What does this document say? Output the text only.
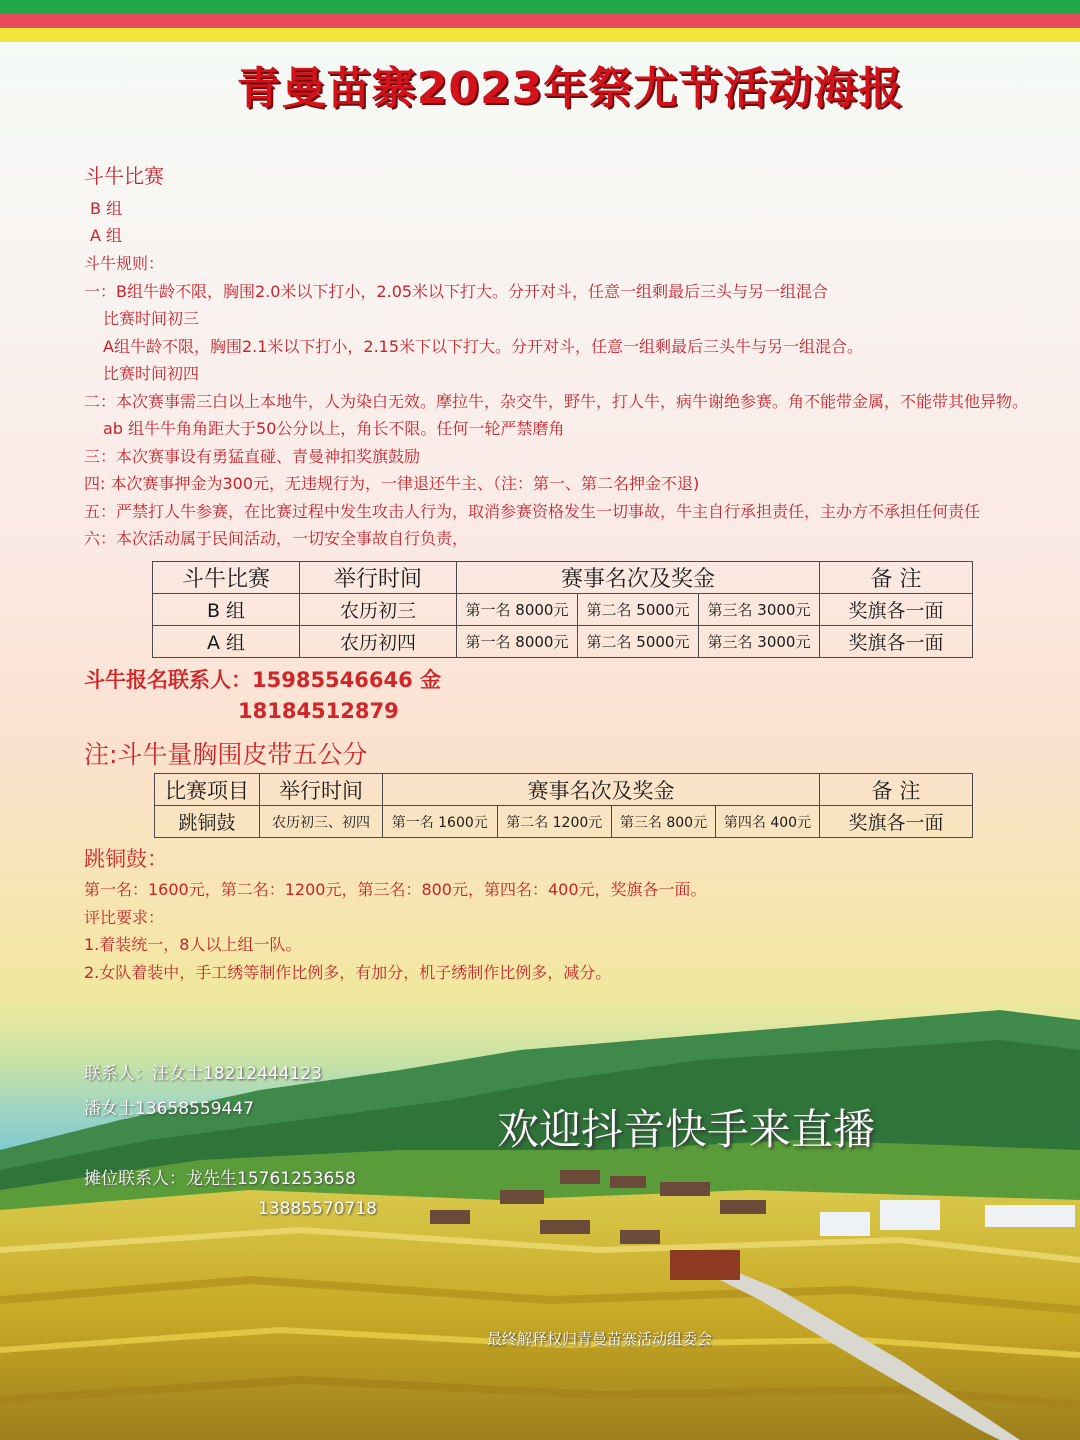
青曼苗寨2023年祭尤节活动海报
斗牛比赛
B 组
A 组
斗牛规则：
一：B组牛龄不限，胸围2.0米以下打小，2.05米以下打大。分开对斗，任意一组剩最后三头与另一组混合
比赛时间初三
A组牛龄不限，胸围2.1米以下打小，2.15米下以下打大。分开对斗，任意一组剩最后三头牛与另一组混合。
比赛时间初四
二：本次赛事需三白以上本地牛，人为染白无效。摩拉牛，杂交牛，野牛，打人牛，病牛谢绝参赛。角不能带金属，不能带其他异物。
ab 组牛牛角角距大于50公分以上，角长不限。任何一轮严禁磨角
三：本次赛事设有勇猛直碰、青曼神扣奖旗鼓励
四: 本次赛事押金为300元，无违规行为，一律退还牛主、（注：第一、第二名押金不退)
五：严禁打人牛参赛，在比赛过程中发生攻击人行为，取消参赛资格发生一切事故，牛主自行承担责任，主办方不承担任何责任
六：本次活动属于民间活动，一切安全事故自行负责，
斗牛比赛	举行时间	赛事名次及奖金			备 注
B 组	农历初三	第一名 8000元	第二名 5000元	第三名 3000元	奖旗各一面
A 组	农历初四	第一名 8000元	第二名 5000元	第三名 3000元	奖旗各一面
斗牛报名联系人：15985546646 金
18184512879
注:斗牛量胸围皮带五公分
比赛项目	举行时间	赛事名次及奖金				备 注
跳铜鼓	农历初三、初四	第一名 1600元	第二名 1200元	第三名 800元	第四名 400元	奖旗各一面
跳铜鼓：
第一名：1600元，第二名：1200元，第三名：800元，第四名：400元，奖旗各一面。
评比要求：
1.着装统一，8人以上组一队。
2.女队着装中，手工绣等制作比例多，有加分，机子绣制作比例多，减分。
联系人：汪女士18212444123
潘女士13658559447
摊位联系人：龙先生15761253658
13885570718
欢迎抖音快手来直播
最终解释权归青曼苗寨活动组委会
